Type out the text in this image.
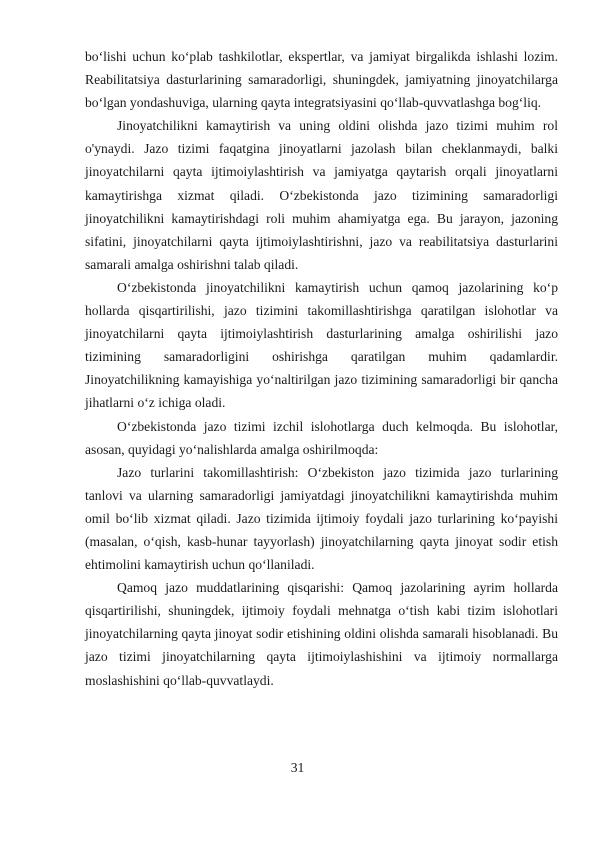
bo‘lishi uchun ko‘plab tashkilotlar, ekspertlar, va jamiyat birgalikda ishlashi lozim. Reabilitatsiya dasturlarining samaradorligi, shuningdek, jamiyatning jinoyatchilarga bo‘lgan yondashuviga, ularning qayta integratsiyasini qo‘llab-quvvatlashga bog‘liq.

Jinoyatchilikni kamaytirish va uning oldini olishda jazo tizimi muhim rol o'ynaydi. Jazo tizimi faqatgina jinoyatlarni jazolash bilan cheklanmaydi, balki jinoyatchilarni qayta ijtimoiylashtirish va jamiyatga qaytarish orqali jinoyatlarni kamaytirishga xizmat qiladi. O‘zbekistonda jazo tizimining samaradorligi jinoyatchilikni kamaytirishdagi roli muhim ahamiyatga ega. Bu jarayon, jazoning sifatini, jinoyatchilarni qayta ijtimoiylashtirishni, jazo va reabilitatsiya dasturlarini samarali amalga oshirishni talab qiladi.

O‘zbekistonda jinoyatchilikni kamaytirish uchun qamoq jazolarining ko‘p hollarda qisqartirilishi, jazo tizimini takomillashtirishga qaratilgan islohotlar va jinoyatchilarni qayta ijtimoiylashtirish dasturlarining amalga oshirilishi jazo tizimining samaradorligini oshirishga qaratilgan muhim qadamlardir. Jinoyatchilikning kamayishiga yo‘naltirilgan jazo tizimining samaradorligi bir qancha jihatlarni o‘z ichiga oladi.

O‘zbekistonda jazo tizimi izchil islohotlarga duch kelmoqda. Bu islohotlar, asosan, quyidagi yo‘nalishlarda amalga oshirilmoqda:

Jazo turlarini takomillashtirish: O‘zbekiston jazo tizimida jazo turlarining tanlovi va ularning samaradorligi jamiyatdagi jinoyatchilikni kamaytirishda muhim omil bo‘lib xizmat qiladi. Jazo tizimida ijtimoiy foydali jazo turlarining ko‘payishi (masalan, o‘qish, kasb-hunar tayyorlash) jinoyatchilarning qayta jinoyat sodir etish ehtimolini kamaytirish uchun qo‘llaniladi.

Qamoq jazo muddatlarining qisqarishi: Qamoq jazolarining ayrim hollarda qisqartirilishi, shuningdek, ijtimoiy foydali mehnatga o‘tish kabi tizim islohotlari jinoyatchilarning qayta jinoyat sodir etishining oldini olishda samarali hisoblanadi. Bu jazo tizimi jinoyatchilarning qayta ijtimoiylashishini va ijtimoiy normallarga moslashishini qo‘llab-quvvatlaydi.

31
